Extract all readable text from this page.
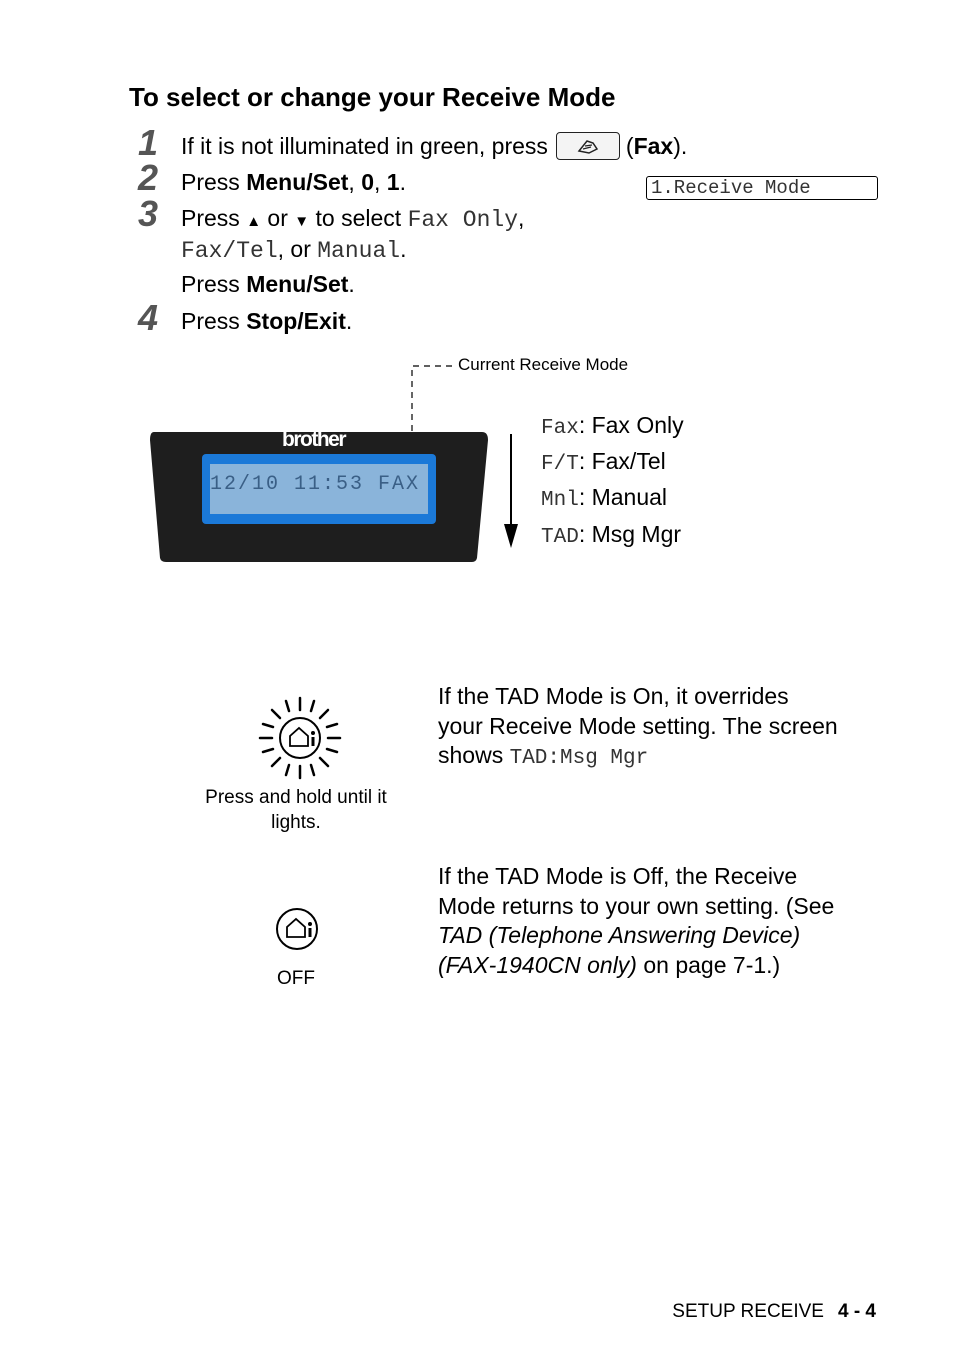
To select or change your Receive Mode
1 If it is not illuminated in green, press	(Fax).
2 Press Menu/Set, 0, 1.	1.Receive Mode
3 Press ▲ or ▼ to select Fax Only,
Fax/Tel, or Manual.
Press Menu/Set.
4 Press Stop/Exit.
Current Receive Mode
brother
12/10 11:53 FAX
Fax: Fax Only
F/T: Fax/Tel
Mnl: Manual
TAD: Msg Mgr
Press and hold until it lights.
If the TAD Mode is On, it overrides your Receive Mode setting. The screen shows TAD:Msg Mgr
OFF
If the TAD Mode is Off, the Receive Mode returns to your own setting. (See TAD (Telephone Answering Device) (FAX-1940CN only) on page 7-1.)
SETUP RECEIVE 4 - 4
